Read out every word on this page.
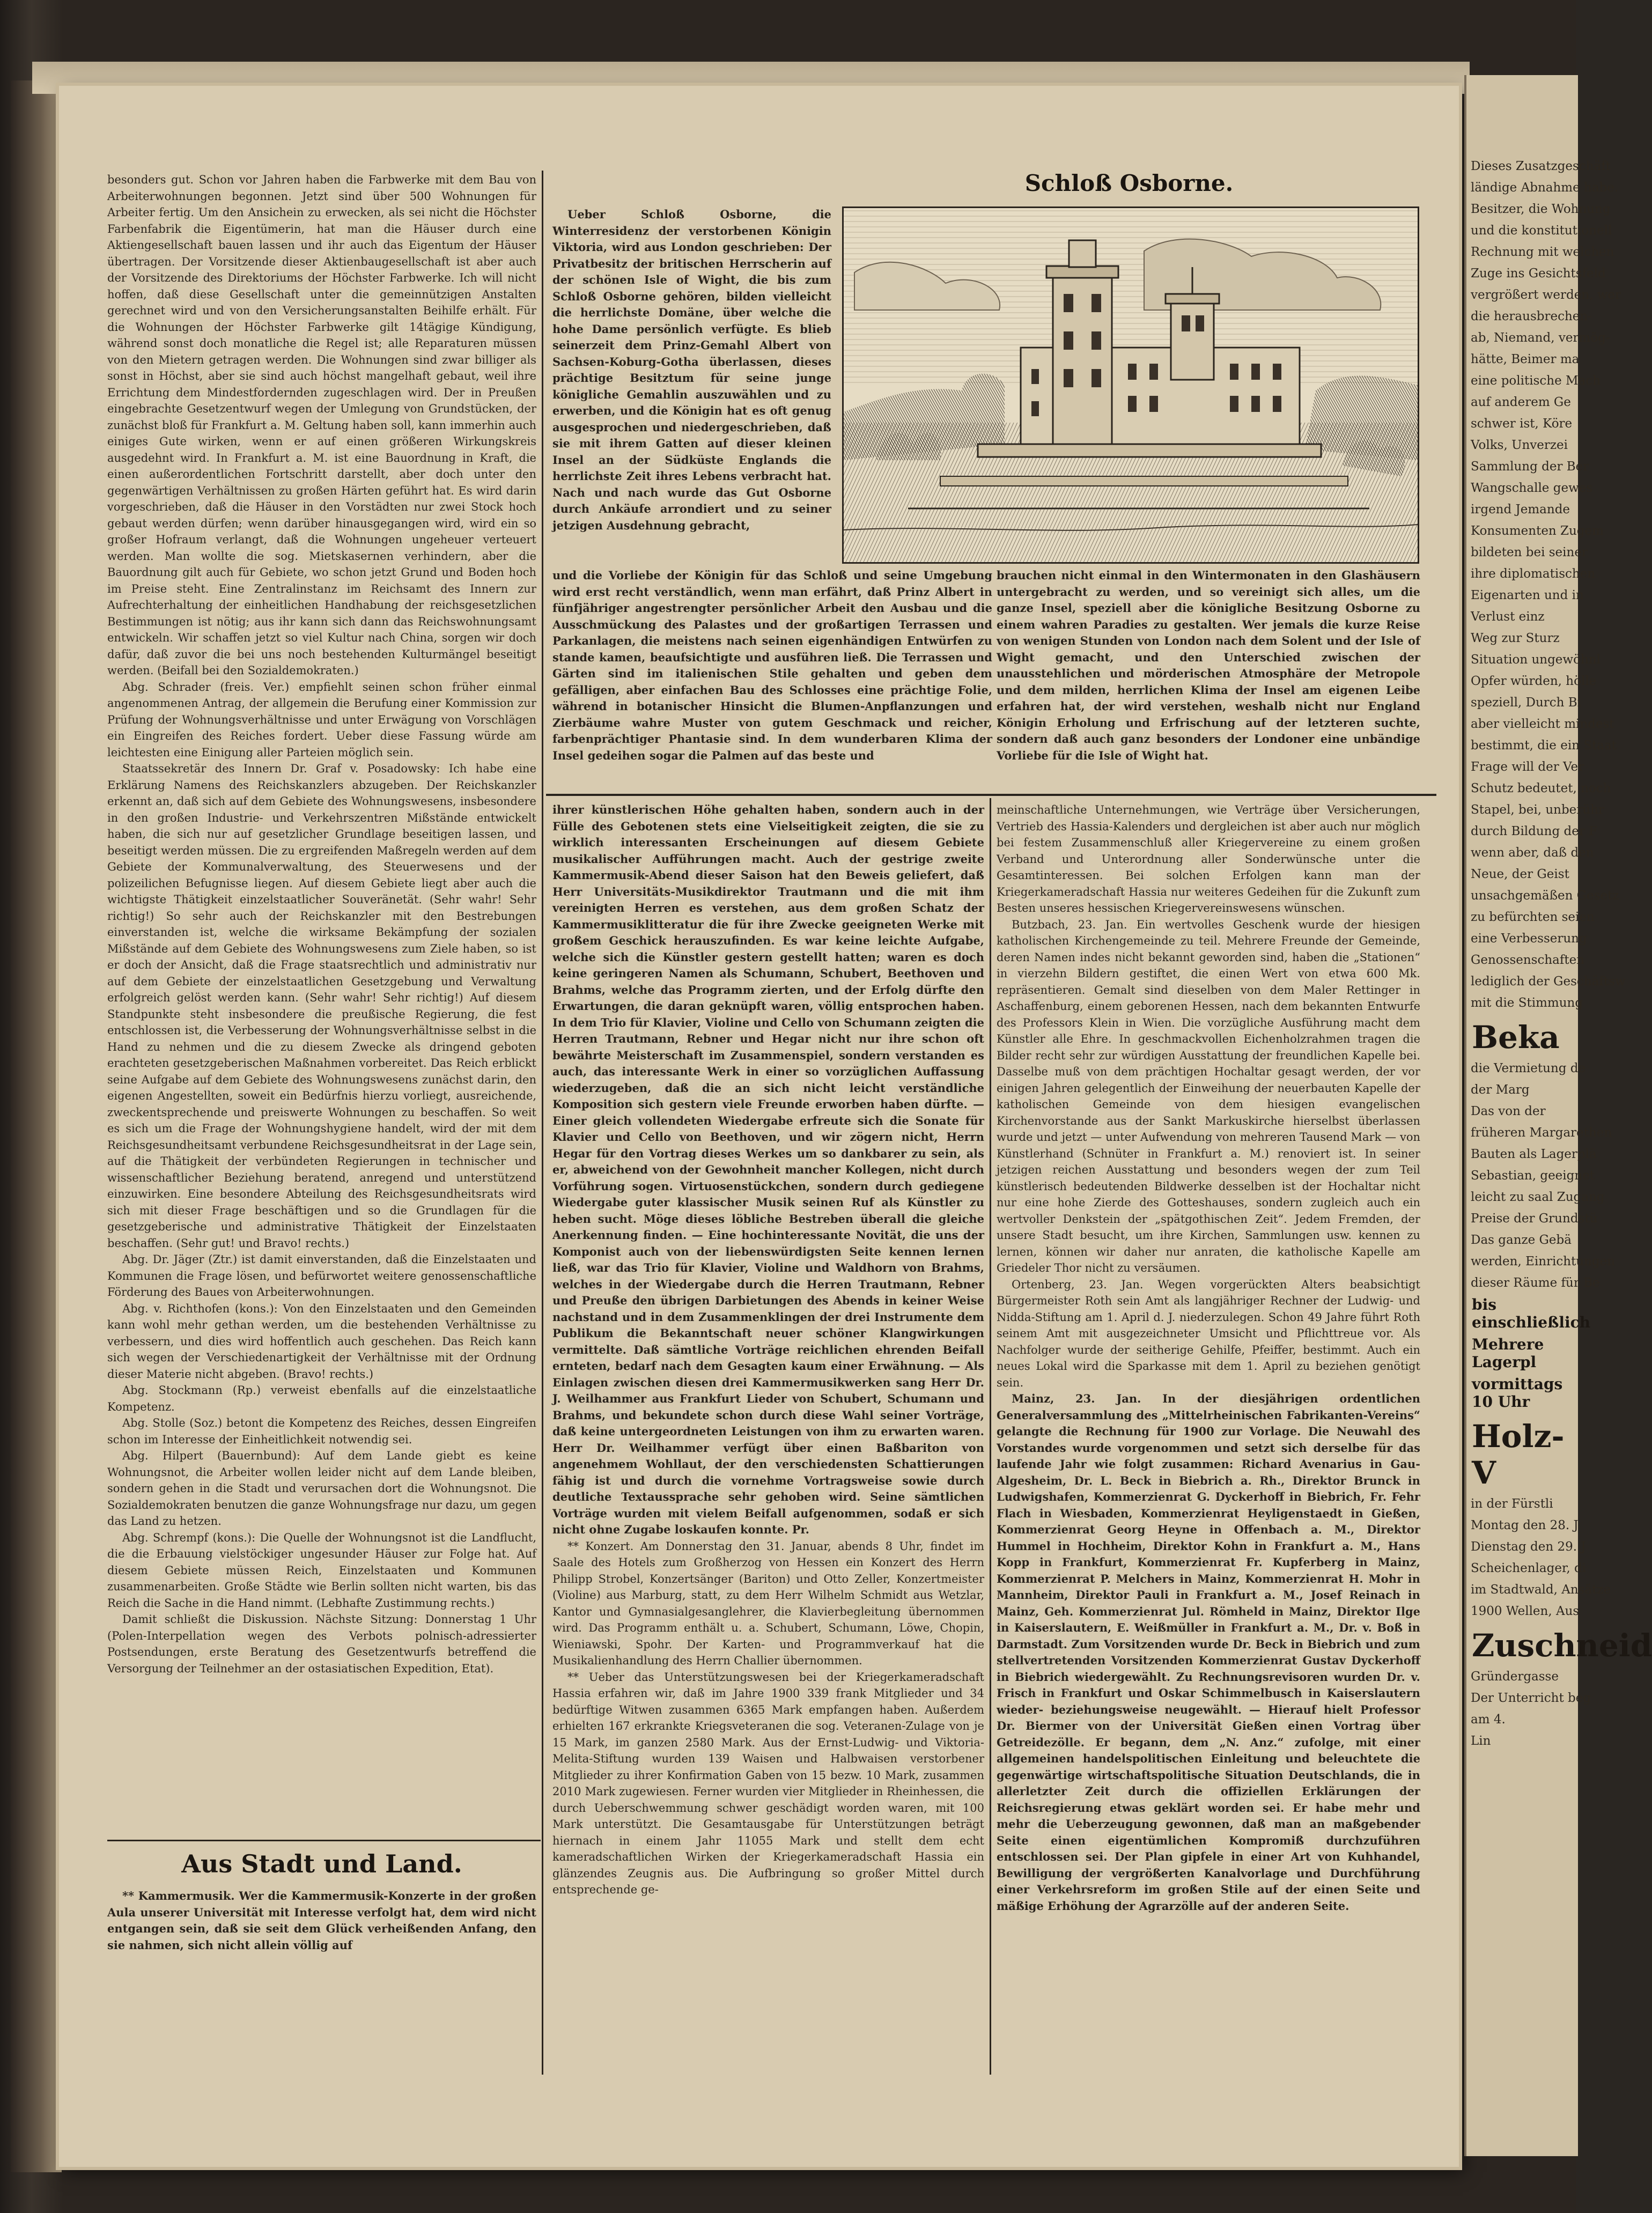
besonders gut. Schon vor Jahren haben die Farbwerke mit dem Bau von Arbeiterwohnungen begonnen. Jetzt sind über 500 Wohnungen für Arbeiter fertig. Um den Ansichein zu erwecken, als sei nicht die Höchster Farbenfabrik die Eigentümerin, hat man die Häuser durch eine Aktiengesellschaft bauen lassen und ihr auch das Eigentum der Häuser übertragen. Der Vorsitzende dieser Aktienbaugesellschaft ist aber auch der Vorsitzende des Direktoriums der Höchster Farbwerke. Ich will nicht hoffen, daß diese Gesellschaft unter die gemeinnützigen Anstalten gerechnet wird und von den Versicherungsanstalten Beihilfe erhält. Für die Wohnungen der Höchster Farbwerke gilt 14tägige Kündigung, während sonst doch monatliche die Regel ist; alle Reparaturen müssen von den Mietern getragen werden. Die Wohnungen sind zwar billiger als sonst in Höchst, aber sie sind auch höchst mangelhaft gebaut, weil ihre Errichtung dem Mindestfordernden zugeschlagen wird. Der in Preußen eingebrachte Gesetzentwurf wegen der Umlegung von Grundstücken, der zunächst bloß für Frankfurt a. M. Geltung haben soll, kann immerhin auch einiges Gute wirken, wenn er auf einen größeren Wirkungskreis ausgedehnt wird. In Frankfurt a. M. ist eine Bauordnung in Kraft, die einen außerordentlichen Fortschritt darstellt, aber doch unter den gegenwärtigen Verhältnissen zu großen Härten geführt hat. Es wird darin vorgeschrieben, daß die Häuser in den Vorstädten nur zwei Stock hoch gebaut werden dürfen; wenn darüber hinausgegangen wird, wird ein so großer Hofraum verlangt, daß die Wohnungen ungeheuer verteuert werden. Man wollte die sog. Mietskasernen verhindern, aber die Bauordnung gilt auch für Gebiete, wo schon jetzt Grund und Boden hoch im Preise steht. Eine Zentralinstanz im Reichsamt des Innern zur Aufrechterhaltung der einheitlichen Handhabung der reichsgesetzlichen Bestimmungen ist nötig; aus ihr kann sich dann das Reichswohnungsamt entwickeln. Wir schaffen jetzt so viel Kultur nach China, sorgen wir doch dafür, daß zuvor die bei uns noch bestehenden Kulturmängel beseitigt werden. (Beifall bei den Sozialdemokraten.)

Abg. Schrader (freis. Ver.) empfiehlt seinen schon früher einmal angenommenen Antrag, der allgemein die Berufung einer Kommission zur Prüfung der Wohnungsverhältnisse und unter Erwägung von Vorschlägen ein Eingreifen des Reiches fordert. Ueber diese Fassung würde am leichtesten eine Einigung aller Parteien möglich sein.

Staatssekretär des Innern Dr. Graf v. Posadowsky: Ich habe eine Erklärung Namens des Reichskanzlers abzugeben. Der Reichskanzler erkennt an, daß sich auf dem Gebiete des Wohnungswesens, insbesondere in den großen Industrie- und Verkehrszentren Mißstände entwickelt haben, die sich nur auf gesetzlicher Grundlage beseitigen lassen, und beseitigt werden müssen. Die zu ergreifenden Maßregeln werden auf dem Gebiete der Kommunalverwaltung, des Steuerwesens und der polizeilichen Befugnisse liegen. Auf diesem Gebiete liegt aber auch die wichtigste Thätigkeit einzelstaatlicher Souveränetät. (Sehr wahr! Sehr richtig!) So sehr auch der Reichskanzler mit den Bestrebungen einverstanden ist, welche die wirksame Bekämpfung der sozialen Mißstände auf dem Gebiete des Wohnungswesens zum Ziele haben, so ist er doch der Ansicht, daß die Frage staatsrechtlich und administrativ nur auf dem Gebiete der einzelstaatlichen Gesetzgebung und Verwaltung erfolgreich gelöst werden kann. (Sehr wahr! Sehr richtig!) Auf diesem Standpunkte steht insbesondere die preußische Regierung, die fest entschlossen ist, die Verbesserung der Wohnungsverhältnisse selbst in die Hand zu nehmen und die zu diesem Zwecke als dringend geboten erachteten gesetzgeberischen Maßnahmen vorbereitet. Das Reich erblickt seine Aufgabe auf dem Gebiete des Wohnungswesens zunächst darin, den eigenen Angestellten, soweit ein Bedürfnis hierzu vorliegt, ausreichende, zweckentsprechende und preiswerte Wohnungen zu beschaffen. So weit es sich um die Frage der Wohnungshygiene handelt, wird der mit dem Reichsgesundheitsamt verbundene Reichsgesundheitsrat in der Lage sein, auf die Thätigkeit der verbündeten Regierungen in technischer und wissenschaftlicher Beziehung beratend, anregend und unterstützend einzuwirken. Eine besondere Abteilung des Reichsgesundheitsrats wird sich mit dieser Frage beschäftigen und so die Grundlagen für die gesetzgeberische und administrative Thätigkeit der Einzelstaaten beschaffen. (Sehr gut! und Bravo! rechts.)

Abg. Dr. Jäger (Ztr.) ist damit einverstanden, daß die Einzelstaaten und Kommunen die Frage lösen, und befürwortet weitere genossenschaftliche Förderung des Baues von Arbeiterwohnungen.

Abg. v. Richthofen (kons.): Von den Einzelstaaten und den Gemeinden kann wohl mehr gethan werden, um die bestehenden Verhältnisse zu verbessern, und dies wird hoffentlich auch geschehen. Das Reich kann sich wegen der Verschiedenartigkeit der Verhältnisse mit der Ordnung dieser Materie nicht abgeben. (Bravo! rechts.)

Abg. Stockmann (Rp.) verweist ebenfalls auf die einzelstaatliche Kompetenz.

Abg. Stolle (Soz.) betont die Kompetenz des Reiches, dessen Eingreifen schon im Interesse der Einheitlichkeit notwendig sei.

Abg. Hilpert (Bauernbund): Auf dem Lande giebt es keine Wohnungsnot, die Arbeiter wollen leider nicht auf dem Lande bleiben, sondern gehen in die Stadt und verursachen dort die Wohnungsnot. Die Sozialdemokraten benutzen die ganze Wohnungsfrage nur dazu, um gegen das Land zu hetzen.

Abg. Schrempf (kons.): Die Quelle der Wohnungsnot ist die Landflucht, die die Erbauung vielstöckiger ungesunder Häuser zur Folge hat. Auf diesem Gebiete müssen Reich, Einzelstaaten und Kommunen zusammenarbeiten. Große Städte wie Berlin sollten nicht warten, bis das Reich die Sache in die Hand nimmt. (Lebhafte Zustimmung rechts.)

Damit schließt die Diskussion. Nächste Sitzung: Donnerstag 1 Uhr (Polen-Interpellation wegen des Verbots polnisch-adressierter Postsendungen, erste Beratung des Gesetzentwurfs betreffend die Versorgung der Teilnehmer an der ostasiatischen Expedition, Etat).

Aus Stadt und Land.

** Kammermusik. Wer die Kammermusik-Konzerte in der großen Aula unserer Universität mit Interesse verfolgt hat, dem wird nicht entgangen sein, daß sie seit dem Glück verheißenden Anfang, den sie nahmen, sich nicht allein völlig auf

Schloß Osborne.

Ueber Schloß Osborne, die Winterresidenz der verstorbenen Königin Viktoria, wird aus London geschrieben: Der Privatbesitz der britischen Herrscherin auf der schönen Isle of Wight, die bis zum Schloß Osborne gehören, bilden vielleicht die herrlichste Domäne, über welche die hohe Dame persönlich verfügte. Es blieb seinerzeit dem Prinz-Gemahl Albert von Sachsen-Koburg-Gotha überlassen, dieses prächtige Besitztum für seine junge königliche Gemahlin auszuwählen und zu erwerben, und die Königin hat es oft genug ausgesprochen und niedergeschrieben, daß sie mit ihrem Gatten auf dieser kleinen Insel an der Südküste Englands die herrlichste Zeit ihres Lebens verbracht hat. Nach und nach wurde das Gut Osborne durch Ankäufe arrondiert und zu seiner jetzigen Ausdehnung gebracht,

und die Vorliebe der Königin für das Schloß und seine Umgebung wird erst recht verständlich, wenn man erfährt, daß Prinz Albert in fünfjähriger angestrengter persönlicher Arbeit den Ausbau und die Ausschmückung des Palastes und der großartigen Terrassen und Parkanlagen, die meistens nach seinen eigenhändigen Entwürfen zu stande kamen, beaufsichtigte und ausführen ließ. Die Terrassen und Gärten sind im italienischen Stile gehalten und geben dem gefälligen, aber einfachen Bau des Schlosses eine prächtige Folie, während in botanischer Hinsicht die Blumen-Anpflanzungen und Zierbäume wahre Muster von gutem Geschmack und reicher, farbenprächtiger Phantasie sind. In dem wunderbaren Klima der Insel gedeihen sogar die Palmen auf das beste und

brauchen nicht einmal in den Wintermonaten in den Glashäusern untergebracht zu werden, und so vereinigt sich alles, um die ganze Insel, speziell aber die königliche Besitzung Osborne zu einem wahren Paradies zu gestalten. Wer jemals die kurze Reise von wenigen Stunden von London nach dem Solent und der Isle of Wight gemacht, und den Unterschied zwischen der unausstehlichen und mörderischen Atmosphäre der Metropole und dem milden, herrlichen Klima der Insel am eigenen Leibe erfahren hat, der wird verstehen, weshalb nicht nur England Königin Erholung und Erfrischung auf der letzteren suchte, sondern daß auch ganz besonders der Londoner eine unbändige Vorliebe für die Isle of Wight hat.

ihrer künstlerischen Höhe gehalten haben, sondern auch in der Fülle des Gebotenen stets eine Vielseitigkeit zeigten, die sie zu wirklich interessanten Erscheinungen auf diesem Gebiete musikalischer Aufführungen macht. Auch der gestrige zweite Kammermusik-Abend dieser Saison hat den Beweis geliefert, daß Herr Universitäts-Musikdirektor Trautmann und die mit ihm vereinigten Herren es verstehen, aus dem großen Schatz der Kammermusiklitteratur die für ihre Zwecke geeigneten Werke mit großem Geschick herauszufinden. Es war keine leichte Aufgabe, welche sich die Künstler gestern gestellt hatten; waren es doch keine geringeren Namen als Schumann, Schubert, Beethoven und Brahms, welche das Programm zierten, und der Erfolg dürfte den Erwartungen, die daran geknüpft waren, völlig entsprochen haben. In dem Trio für Klavier, Violine und Cello von Schumann zeigten die Herren Trautmann, Rebner und Hegar nicht nur ihre schon oft bewährte Meisterschaft im Zusammenspiel, sondern verstanden es auch, das interessante Werk in einer so vorzüglichen Auffassung wiederzugeben, daß die an sich nicht leicht verständliche Komposition sich gestern viele Freunde erworben haben dürfte. — Einer gleich vollendeten Wiedergabe erfreute sich die Sonate für Klavier und Cello von Beethoven, und wir zögern nicht, Herrn Hegar für den Vortrag dieses Werkes um so dankbarer zu sein, als er, abweichend von der Gewohnheit mancher Kollegen, nicht durch Vorführung sogen. Virtuosenstückchen, sondern durch gediegene Wiedergabe guter klassischer Musik seinen Ruf als Künstler zu heben sucht. Möge dieses löbliche Bestreben überall die gleiche Anerkennung finden. — Eine hochinteressante Novität, die uns der Komponist auch von der liebenswürdigsten Seite kennen lernen ließ, war das Trio für Klavier, Violine und Waldhorn von Brahms, welches in der Wiedergabe durch die Herren Trautmann, Rebner und Preuße den übrigen Darbietungen des Abends in keiner Weise nachstand und in dem Zusammenklingen der drei Instrumente dem Publikum die Bekanntschaft neuer schöner Klangwirkungen vermittelte. Daß sämtliche Vorträge reichlichen ehrenden Beifall ernteten, bedarf nach dem Gesagten kaum einer Erwähnung. — Als Einlagen zwischen diesen drei Kammermusikwerken sang Herr Dr. J. Weilhammer aus Frankfurt Lieder von Schubert, Schumann und Brahms, und bekundete schon durch diese Wahl seiner Vorträge, daß keine untergeordneten Leistungen von ihm zu erwarten waren. Herr Dr. Weilhammer verfügt über einen Baßbariton von angenehmem Wohllaut, der den verschiedensten Schattierungen fähig ist und durch die vornehme Vortragsweise sowie durch deutliche Textaussprache sehr gehoben wird. Seine sämtlichen Vorträge wurden mit vielem Beifall aufgenommen, sodaß er sich nicht ohne Zugabe loskaufen konnte. Pr.

** Konzert. Am Donnerstag den 31. Januar, abends 8 Uhr, findet im Saale des Hotels zum Großherzog von Hessen ein Konzert des Herrn Philipp Strobel, Konzertsänger (Bariton) und Otto Zeller, Konzertmeister (Violine) aus Marburg, statt, zu dem Herr Wilhelm Schmidt aus Wetzlar, Kantor und Gymnasialgesanglehrer, die Klavierbegleitung übernommen wird. Das Programm enthält u. a. Schubert, Schumann, Löwe, Chopin, Wieniawski, Spohr. Der Karten- und Programmverkauf hat die Musikalienhandlung des Herrn Challier übernommen.

** Ueber das Unterstützungswesen bei der Kriegerkameradschaft Hassia erfahren wir, daß im Jahre 1900 339 frank Mitglieder und 34 bedürftige Witwen zusammen 6365 Mark empfangen haben. Außerdem erhielten 167 erkrankte Kriegsveteranen die sog. Veteranen-Zulage von je 15 Mark, im ganzen 2580 Mark. Aus der Ernst-Ludwig- und Viktoria-Melita-Stiftung wurden 139 Waisen und Halbwaisen verstorbener Mitglieder zu ihrer Konfirmation Gaben von 15 bezw. 10 Mark, zusammen 2010 Mark zugewiesen. Ferner wurden vier Mitglieder in Rheinhessen, die durch Ueberschwemmung schwer geschädigt worden waren, mit 100 Mark unterstützt. Die Gesamtausgabe für Unterstützungen beträgt hiernach in einem Jahr 11055 Mark und stellt dem echt kameradschaftlichen Wirken der Kriegerkameradschaft Hassia ein glänzendes Zeugnis aus. Die Aufbringung so großer Mittel durch entsprechende ge-

meinschaftliche Unternehmungen, wie Verträge über Versicherungen, Vertrieb des Hassia-Kalenders und dergleichen ist aber auch nur möglich bei festem Zusammenschluß aller Kriegervereine zu einem großen Verband und Unterordnung aller Sonderwünsche unter die Gesamtinteressen. Bei solchen Erfolgen kann man der Kriegerkameradschaft Hassia nur weiteres Gedeihen für die Zukunft zum Besten unseres hessischen Kriegervereinswesens wünschen.

Butzbach, 23. Jan. Ein wertvolles Geschenk wurde der hiesigen katholischen Kirchengemeinde zu teil. Mehrere Freunde der Gemeinde, deren Namen indes nicht bekannt geworden sind, haben die „Stationen“ in vierzehn Bildern gestiftet, die einen Wert von etwa 600 Mk. repräsentieren. Gemalt sind dieselben von dem Maler Rettinger in Aschaffenburg, einem geborenen Hessen, nach dem bekannten Entwurfe des Professors Klein in Wien. Die vorzügliche Ausführung macht dem Künstler alle Ehre. In geschmackvollen Eichenholzrahmen tragen die Bilder recht sehr zur würdigen Ausstattung der freundlichen Kapelle bei. Dasselbe muß von dem prächtigen Hochaltar gesagt werden, der vor einigen Jahren gelegentlich der Einweihung der neuerbauten Kapelle der katholischen Gemeinde von dem hiesigen evangelischen Kirchenvorstande aus der Sankt Markuskirche hierselbst überlassen wurde und jetzt — unter Aufwendung von mehreren Tausend Mark — von Künstlerhand (Schnüter in Frankfurt a. M.) renoviert ist. In seiner jetzigen reichen Ausstattung und besonders wegen der zum Teil künstlerisch bedeutenden Bildwerke desselben ist der Hochaltar nicht nur eine hohe Zierde des Gotteshauses, sondern zugleich auch ein wertvoller Denkstein der „spätgothischen Zeit“. Jedem Fremden, der unsere Stadt besucht, um ihre Kirchen, Sammlungen usw. kennen zu lernen, können wir daher nur anraten, die katholische Kapelle am Griedeler Thor nicht zu versäumen.

Ortenberg, 23. Jan. Wegen vorgerückten Alters beabsichtigt Bürgermeister Roth sein Amt als langjähriger Rechner der Ludwig- und Nidda-Stiftung am 1. April d. J. niederzulegen. Schon 49 Jahre führt Roth seinem Amt mit ausgezeichneter Umsicht und Pflichttreue vor. Als Nachfolger wurde der seitherige Gehilfe, Pfeiffer, bestimmt. Auch ein neues Lokal wird die Sparkasse mit dem 1. April zu beziehen genötigt sein.

Mainz, 23. Jan. In der diesjährigen ordentlichen Generalversammlung des „Mittelrheinischen Fabrikanten-Vereins“ gelangte die Rechnung für 1900 zur Vorlage. Die Neuwahl des Vorstandes wurde vorgenommen und setzt sich derselbe für das laufende Jahr wie folgt zusammen: Richard Avenarius in Gau-Algesheim, Dr. L. Beck in Biebrich a. Rh., Direktor Brunck in Ludwigshafen, Kommerzienrat G. Dyckerhoff in Biebrich, Fr. Fehr Flach in Wiesbaden, Kommerzienrat Heyligenstaedt in Gießen, Kommerzienrat Georg Heyne in Offenbach a. M., Direktor Hummel in Hochheim, Direktor Kohn in Frankfurt a. M., Hans Kopp in Frankfurt, Kommerzienrat Fr. Kupferberg in Mainz, Kommerzienrat P. Melchers in Mainz, Kommerzienrat H. Mohr in Mannheim, Direktor Pauli in Frankfurt a. M., Josef Reinach in Mainz, Geh. Kommerzienrat Jul. Römheld in Mainz, Direktor Ilge in Kaiserslautern, E. Weißmüller in Frankfurt a. M., Dr. v. Boß in Darmstadt. Zum Vorsitzenden wurde Dr. Beck in Biebrich und zum stellvertretenden Vorsitzenden Kommerzienrat Gustav Dyckerhoff in Biebrich wiedergewählt. Zu Rechnungsrevisoren wurden Dr. v. Frisch in Frankfurt und Oskar Schimmelbusch in Kaiserslautern wieder- beziehungsweise neugewählt. — Hierauf hielt Professor Dr. Biermer von der Universität Gießen einen Vortrag über Getreidezölle. Er begann, dem „N. Anz.“ zufolge, mit einer allgemeinen handelspolitischen Einleitung und beleuchtete die gegenwärtige wirtschaftspolitische Situation Deutschlands, die in allerletzter Zeit durch die offiziellen Erklärungen der Reichsregierung etwas geklärt worden sei. Er habe mehr und mehr die Ueberzeugung gewonnen, daß man an maßgebender Seite einen eigentümlichen Kompromiß durchzuführen entschlossen sei. Der Plan gipfele in einer Art von Kuhhandel, Bewilligung der vergrößerten Kanalvorlage und Durchführung einer Verkehrsreform im großen Stile auf der einen Seite und mäßige Erhöhung der Agrarzölle auf der anderen Seite.

Dieses Zusatzgeschäft
ländige Abnahme habe.
Besitzer, die Wohnung
und die konstitutionell
Rechnung mit welchen
Zuge ins Gesichtsfeld
vergrößert werden, wer
die herausbrechen-
ab, Niemand, vermög-
hätte, Beimer ma
eine politische Mach
auf anderem Ge
schwer ist, Köre
Volks, Unverzei
Sammlung der Ber
Wangschalle gewes
irgend Jemande
Konsumenten Zugem
bildeten bei seiner
ihre diplomatischen
Eigenarten und in
Verlust einz
Weg zur Sturz
Situation ungewöhnl
Opfer würden, hölle
speziell, Durch Bi
aber vielleicht mindest
bestimmt, die ein Staat
Frage will der Ver
Schutz bedeutet, noch
Stapel, bei, unberühr
durch Bildung der F
wenn aber, daß den
Neue, der Geist
unsachgemäßen Gesetz
zu befürchten seien
eine Verbesserung
Genossenschaften
lediglich der Geschäftsw
mit die Stimmung
Beka
die Vermietung de
der Marg
Das von der
früheren Margarethen
Bauten als Lagerplä
Sebastian, geeignet
leicht zu saal Zugang
Preise der Grundstü
Das ganze Gebä
werden, Einrichtungen
dieser Räume für Be
bis einschließlich
Mehrere Lagerpl
vormittags 10 Uhr
Holz-V
in der Fürstli
Montag den 28. J
Dienstag den 29. J
Scheichenlager, di
im Stadtwald, Ansätze
1900 Wellen, Aus
Zuschneid
Gründergasse
Der Unterricht beg
am 4.
Lin
